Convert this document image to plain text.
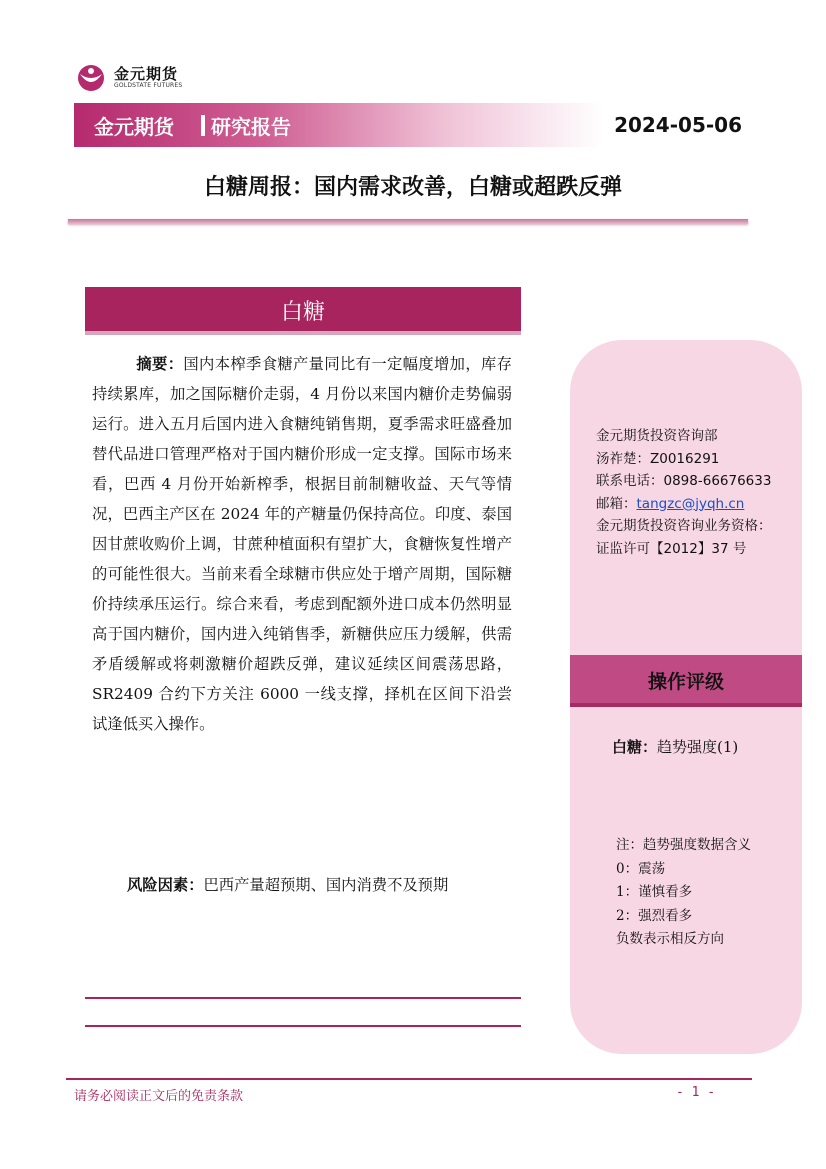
金元期货
GOLDSTATE FUTURES
金元期货 研究报告	2024-05-06
白糖周报：国内需求改善，白糖或超跌反弹
白糖
摘要：国内本榨季食糖产量同比有一定幅度增加，库存持续累库，加之国际糖价走弱，4 月份以来国内糖价走势偏弱运行。进入五月后国内进入食糖纯销售期，夏季需求旺盛叠加替代品进口管理严格对于国内糖价形成一定支撑。国际市场来看，巴西 4 月份开始新榨季，根据目前制糖收益、天气等情况，巴西主产区在 2024 年的产糖量仍保持高位。印度、泰国因甘蔗收购价上调，甘蔗种植面积有望扩大，食糖恢复性增产的可能性很大。当前来看全球糖市供应处于增产周期，国际糖价持续承压运行。综合来看，考虑到配额外进口成本仍然明显高于国内糖价，国内进入纯销售季，新糖供应压力缓解，供需矛盾缓解或将刺激糖价超跌反弹，建议延续区间震荡思路，SR2409 合约下方关注 6000 一线支撑，择机在区间下沿尝试逢低买入操作。
风险因素：巴西产量超预期、国内消费不及预期
金元期货投资咨询部
汤祚楚：Z0016291
联系电话：0898-66676633
邮箱：tangzc@jyqh.cn
金元期货投资咨询业务资格：
证监许可【2012】37 号
操作评级
白糖：趋势强度(1)
注：趋势强度数据含义
0：震荡
1：谨慎看多
2：强烈看多
负数表示相反方向
请务必阅读正文后的免责条款	- 1 -
